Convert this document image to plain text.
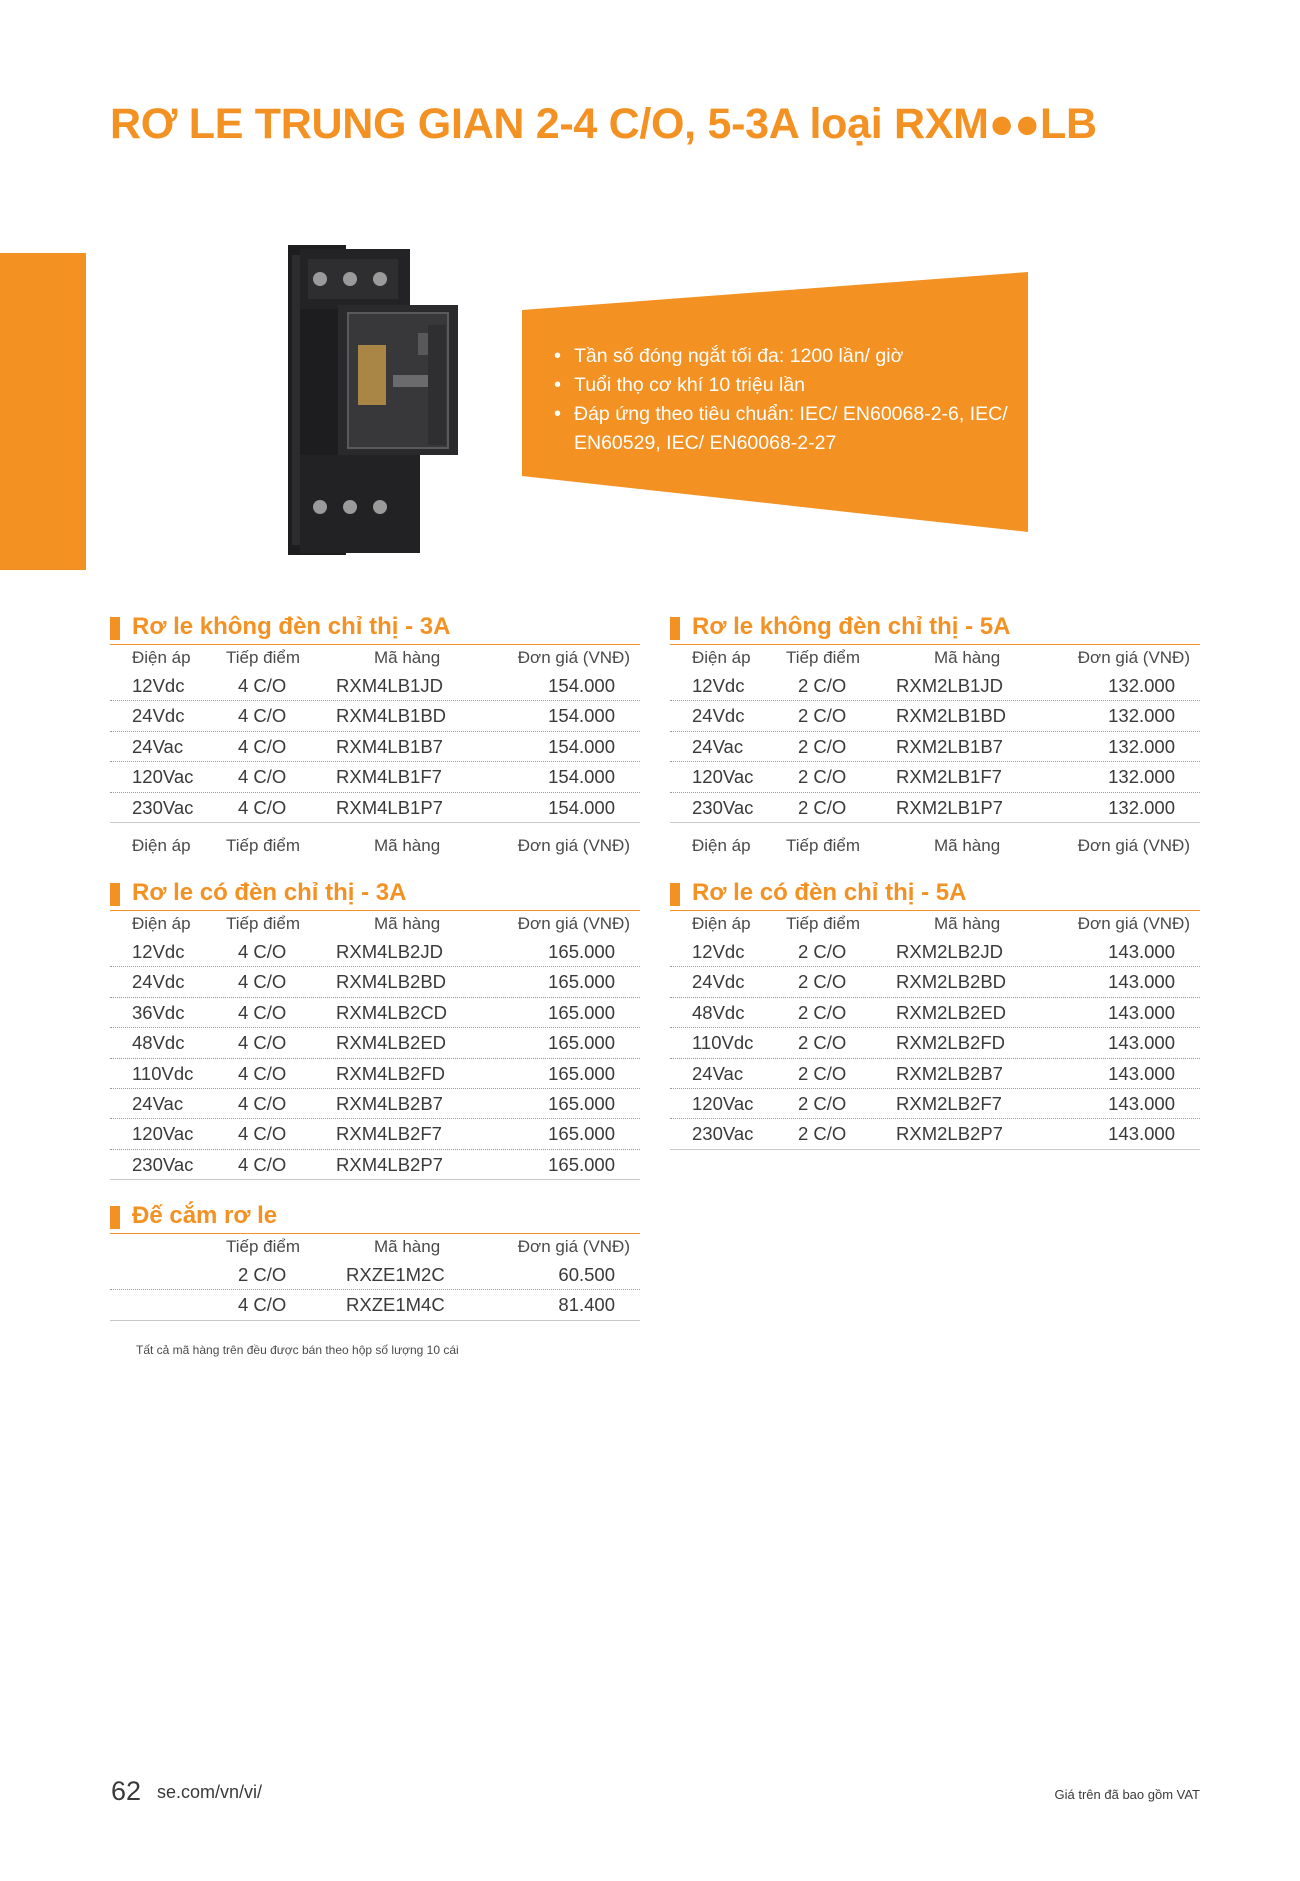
RƠ LE TRUNG GIAN 2-4 C/O, 5-3A loại RXM●●LB
• Tần số đóng ngắt tối đa: 1200 lần/ giờ
• Tuổi thọ cơ khí 10 triệu lần
• Đáp ứng theo tiêu chuẩn: IEC/ EN60068-2-6, IEC/ EN60529, IEC/ EN60068-2-27
Rơ le không đèn chỉ thị - 3A
Điện áp Tiếp điểm	Mã hàng	Đơn giá (VNĐ)
12Vdc	4 C/O	RXM4LB1JD	154.000
24Vdc	4 C/O	RXM4LB1BD	154.000
24Vac	4 C/O	RXM4LB1B7	154.000
120Vac 4 C/O	RXM4LB1F7	154.000
230Vac 4 C/O	RXM4LB1P7	154.000
Rơ le không đèn chỉ thị - 5A
Điện áp Tiếp điểm	Mã hàng	Đơn giá (VNĐ)
12Vdc	2 C/O	RXM2LB1JD	132.000
24Vdc	2 C/O	RXM2LB1BD	132.000
24Vac	2 C/O	RXM2LB1B7	132.000
120Vac 2 C/O	RXM2LB1F7	132.000
230Vac 2 C/O	RXM2LB1P7	132.000
Điện áp Tiếp điểm	Mã hàng	Đơn giá (VNĐ)	Điện áp Tiếp điểm	Mã hàng	Đơn giá (VNĐ)
Rơ le có đèn chỉ thị - 3A
Điện áp Tiếp điểm	Mã hàng	Đơn giá (VNĐ)
12Vdc	4 C/O	RXM4LB2JD	165.000
24Vdc	4 C/O	RXM4LB2BD	165.000
36Vdc	4 C/O	RXM4LB2CD	165.000
48Vdc	4 C/O	RXM4LB2ED	165.000
110Vdc 4 C/O	RXM4LB2FD	165.000
24Vac	4 C/O	RXM4LB2B7	165.000
120Vac 4 C/O	RXM4LB2F7	165.000
230Vac 4 C/O	RXM4LB2P7	165.000
Rơ le có đèn chỉ thị - 5A
Điện áp Tiếp điểm	Mã hàng	Đơn giá (VNĐ)
12Vdc	2 C/O	RXM2LB2JD	143.000
24Vdc	2 C/O	RXM2LB2BD	143.000
48Vdc	2 C/O	RXM2LB2ED	143.000
110Vdc 2 C/O	RXM2LB2FD	143.000
24Vac	2 C/O	RXM2LB2B7	143.000
120Vac 2 C/O	RXM2LB2F7	143.000
230Vac 2 C/O	RXM2LB2P7	143.000
Đế cắm rơ le
Tiếp điểm	Mã hàng	Đơn giá (VNĐ)
2 C/O	RXZE1M2C	60.500
4 C/O	RXZE1M4C	81.400
Tất cả mã hàng trên đều được bán theo hộp số lượng 10 cái
62 se.com/vn/vi/	Giá trên đã bao gồm VAT
